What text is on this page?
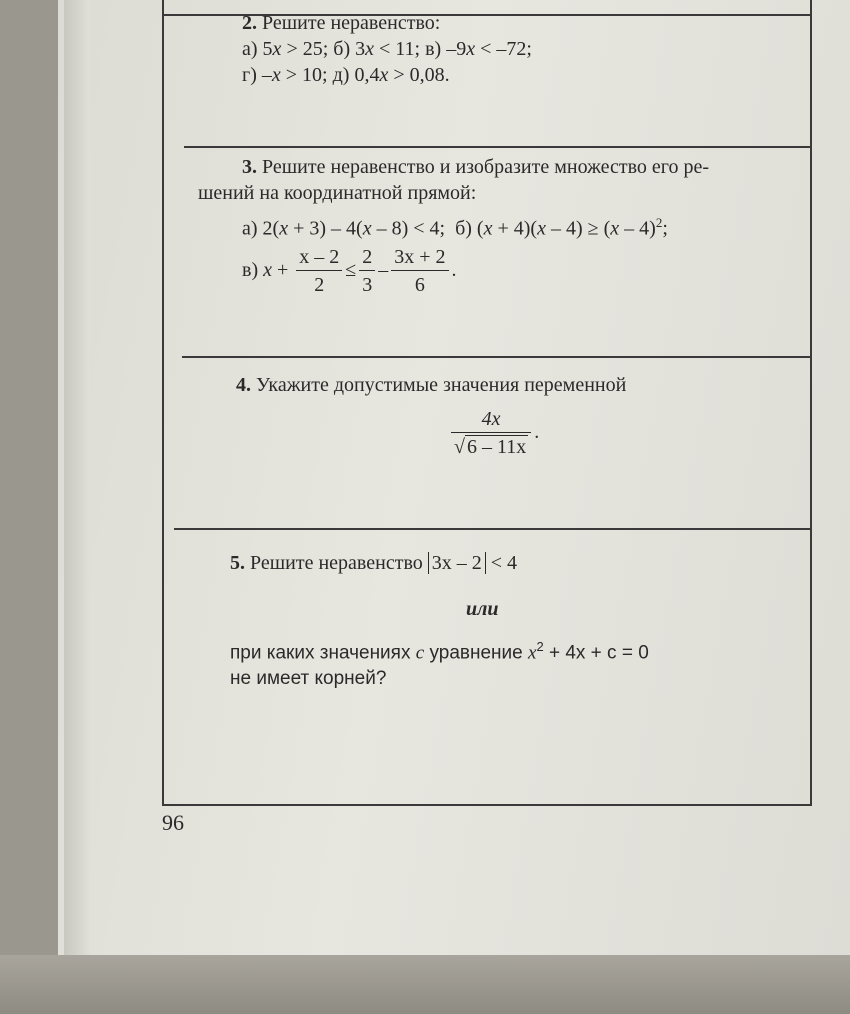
2. Решите неравенство:
а) 5x > 25; б) 3x < 11; в) –9x < –72;
г) –x > 10; д) 0,4x > 0,08.
3. Решите неравенство и изобразите множество его ре-
шений на координатной прямой:
а) 2(x + 3) – 4(x – 8) < 4; б) (x + 4)(x – 4) ≥ (x – 4)$^2$;
в) $x + \frac{x - 2}{2} \le \frac{2}{3} - \frac{3x + 2}{6}$ .
4. Укажите допустимые значения переменной
$\frac{4x}{√ 6 - 11x}$ .
5. Решите неравенство 3x – 2 < 4
или
при каких значениях c уравнение $x^2 + 4x + c = 0$
не имеет корней?
96
